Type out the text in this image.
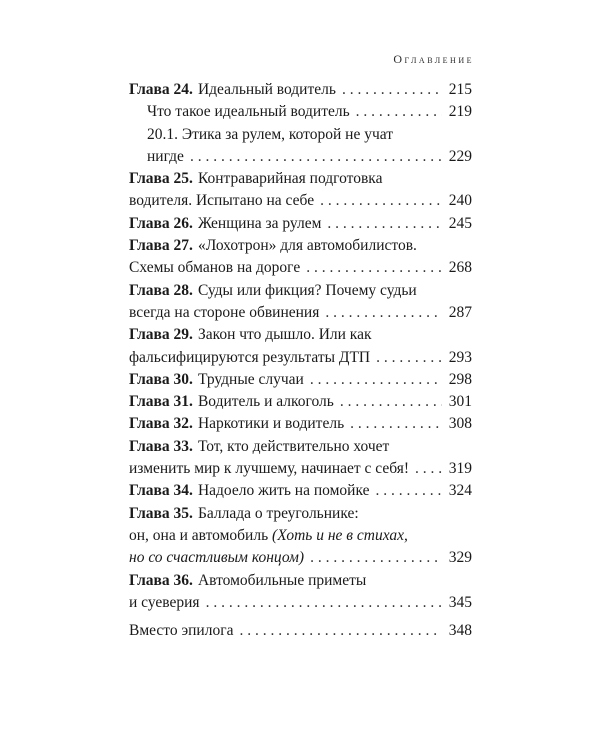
Оглавление
Глава 24. Идеальный водитель . . .	215
Что такое идеальный водитель . . .	219
20.1. Этика за рулем, которой не учат
нигде . . .	229
Глава 25. Контраварийная подготовка
водителя. Испытано на себе . . .	240
Глава 26. Женщина за рулем . . .	245
Глава 27. «Лохотрон» для автомобилистов.
Схемы обманов на дороге . . .	268
Глава 28. Суды или фикция? Почему судьи
всегда на стороне обвинения . . .	287
Глава 29. Закон что дышло. Или как
фальсифицируются результаты ДТП . . .	293
Глава 30. Трудные случаи . . .	298
Глава 31. Водитель и алкоголь . . .	301
Глава 32. Наркотики и водитель . . .	308
Глава 33. Тот, кто действительно хочет
изменить мир к лучшему, начинает с себя! . . .	319
Глава 34. Надоело жить на помойке . . .	324
Глава 35. Баллада о треугольнике:
он, она и автомобиль (Хоть и не в стихах,
но со счастливым концом) . . .	329
Глава 36. Автомобильные приметы
и суеверия . . .	345
Вместо эпилога . . .	348
